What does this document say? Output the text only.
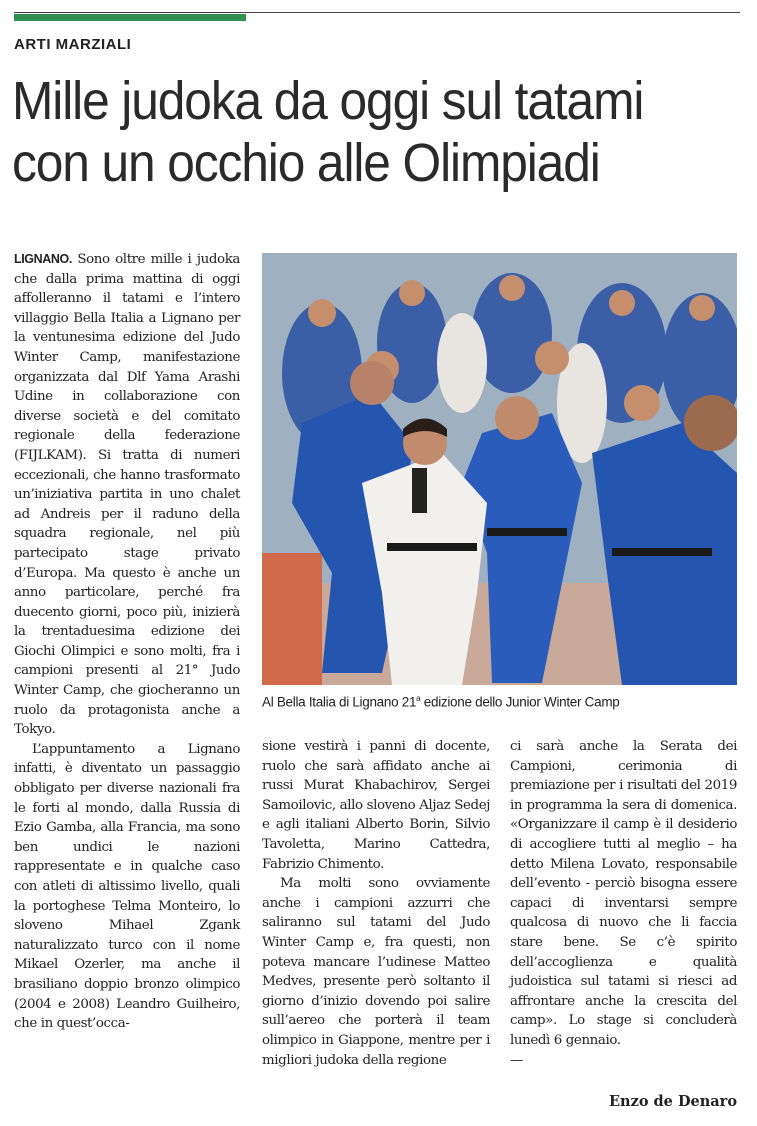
ARTI MARZIALI
Mille judoka da oggi sul tatami
con un occhio alle Olimpiadi

LIGNANO. Sono oltre mille i judoka che dalla prima mattina di oggi affolleranno il tatami e l’intero villaggio Bella Italia a Lignano per la ventunesima edizione del Judo Winter Camp, manifestazione organizzata dal Dlf Yama Arashi Udine in collaborazione con diverse società e del comitato regionale della federazione (FIJLKAM). Si tratta di numeri eccezionali, che hanno trasformato un’iniziativa partita in uno chalet ad Andreis per il raduno della squadra regionale, nel più partecipato stage privato d’Europa. Ma questo è anche un anno particolare, perché fra duecento giorni, poco più, inizierà la trentaduesima edizione dei Giochi Olimpici e sono molti, fra i campioni presenti al 21° Judo Winter Camp, che giocheranno un ruolo da protagonista anche a Tokyo.

L’appuntamento a Lignano infatti, è diventato un passaggio obbligato per diverse nazionali fra le forti al mondo, dalla Russia di Ezio Gamba, alla Francia, ma sono ben undici le nazioni rappresentate e in qualche caso con atleti di altissimo livello, quali la portoghese Telma Monteiro, lo sloveno Mihael Zgank naturalizzato turco con il nome Mikael Ozerler, ma anche il brasiliano doppio bronzo olimpico (2004 e 2008) Leandro Guilheiro, che in quest’occa-

Al Bella Italia di Lignano 21$^a$ edizione dello Junior Winter Camp

sione vestirà i panni di docente, ruolo che sarà affidato anche ai russi Murat Khabachirov, Sergei Samoilovic, allo sloveno Aljaz Sedej e agli italiani Alberto Borin, Silvio Tavoletta, Marino Cattedra, Fabrizio Chimento.

Ma molti sono ovviamente anche i campioni azzurri che saliranno sul tatami del Judo Winter Camp e, fra questi, non poteva mancare l’udinese Matteo Medves, presente però soltanto il giorno d’inizio dovendo poi salire sull’aereo che porterà il team olimpico in Giappone, mentre per i migliori judoka della regione

ci sarà anche la Serata dei Campioni, cerimonia di premiazione per i risultati del 2019 in programma la sera di domenica. «Organizzare il camp è il desiderio di accogliere tutti al meglio – ha detto Milena Lovato, responsabile dell’evento - perciò bisogna essere capaci di inventarsi sempre qualcosa di nuovo che li faccia stare bene. Se c’è spirito dell’accoglienza e qualità judoistica sul tatami si riesci ad affrontare anche la crescita del camp». Lo stage si concluderà lunedì 6 gennaio.

—

Enzo de Denaro
